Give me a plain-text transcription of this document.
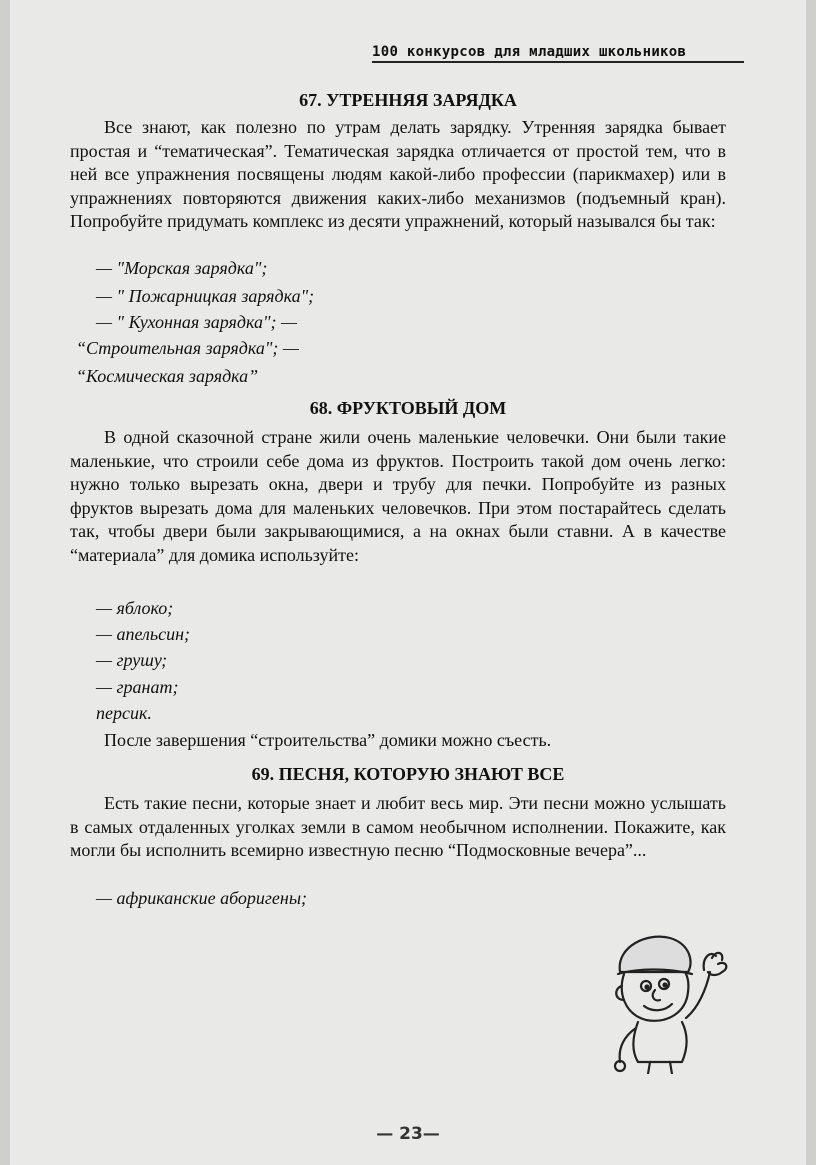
100 конкурсов для младших школьников
67. УТРЕННЯЯ ЗАРЯДКА

Все знают, как полезно по утрам делать зарядку. Утренняя зарядка бывает простая и “тематическая”. Тематическая зарядка отличается от простой тем, что в ней все упражнения посвящены людям какой-либо профессии (парикмахер) или в упражнениях повторяются движения каких-либо механизмов (подъемный кран). Попробуйте придумать комплекс из десяти упражнений, который назывался бы так:

— "Морская зарядка";
— " Пожарницкая зарядка";
— " Кухонная зарядка"; —
“Строительная зарядка"; —
“Космическая зарядка”
68. ФРУКТОВЫЙ ДОМ

В одной сказочной стране жили очень маленькие человечки. Они были такие маленькие, что строили себе дома из фруктов. Построить такой дом очень легко: нужно только вырезать окна, двери и трубу для печки. Попробуйте из разных фруктов вырезать дома для маленьких человечков. При этом постарайтесь сделать так, чтобы двери были закрывающимися, а на окнах были ставни. А в качестве “материала” для домика используйте:

— яблоко;
— апельсин;
— грушу;
— гранат;
персик.
После завершения “строительства” домики можно съесть.
69. ПЕСНЯ, КОТОРУЮ ЗНАЮТ ВСЕ

Есть такие песни, которые знает и любит весь мир. Эти песни можно услышать в самых отдаленных уголках земли в самом необычном исполнении. Покажите, как могли бы исполнить всемирно известную песню “Подмосковные вечера”...

— африканские аборигены;
— 23—
